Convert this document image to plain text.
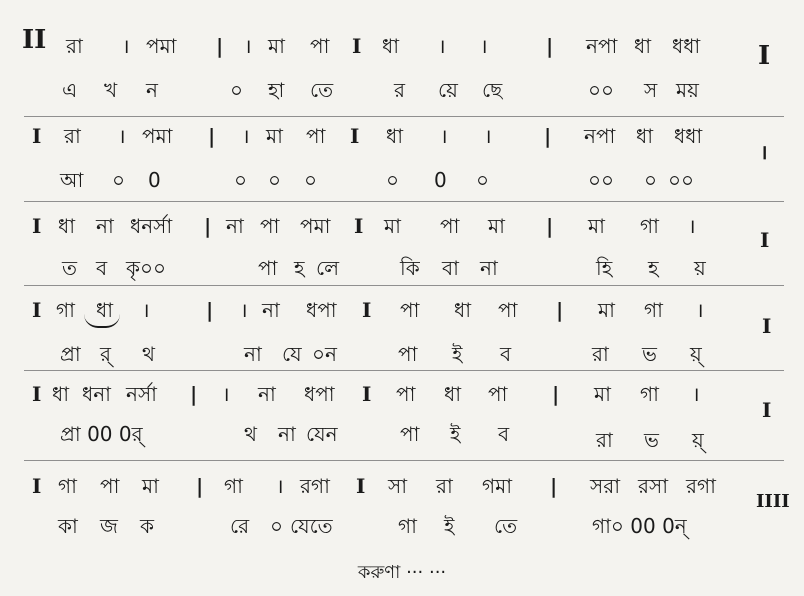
II রা । পমা | । মা পা I ধা । ।	| নপা ধা ধধা I
এ খ ন	০ হা তে	র য়ে ছে	০০ স ময়
I রা । পমা | । মা পা I ধা । ।	| নপা ধা ধধা
।
আ ০ 0	০ ০ ০	০ 0 ০	০০ ০ ০০
I ধা না ধনর্সা | না পা পমা I মা পা মা | মা গা ।
I
ত ব কৃ০০	পা হ লে	কি বা না	হি হ য়
I গা ধা ।	| । না ধপা I পা ধা পা | মা গা ।
I
প্রা র্ থ	না যে ০ন	পা ই ব	রা ভ য়্
I ধা ধনা নর্সা | । না ধপা I পা ধা পা | মা গা ।
I
প্রা 00 0র্	থ না যেন	পা ই ব	রা ভ য়্
I গা পা মা | গা । রগা I সা রা গমা | সরা রসা রগা
IIII
কা জ ক	রে ০ যেতে	গা ই তে	গা০ 00 0ন্
করুণা ··· ···
